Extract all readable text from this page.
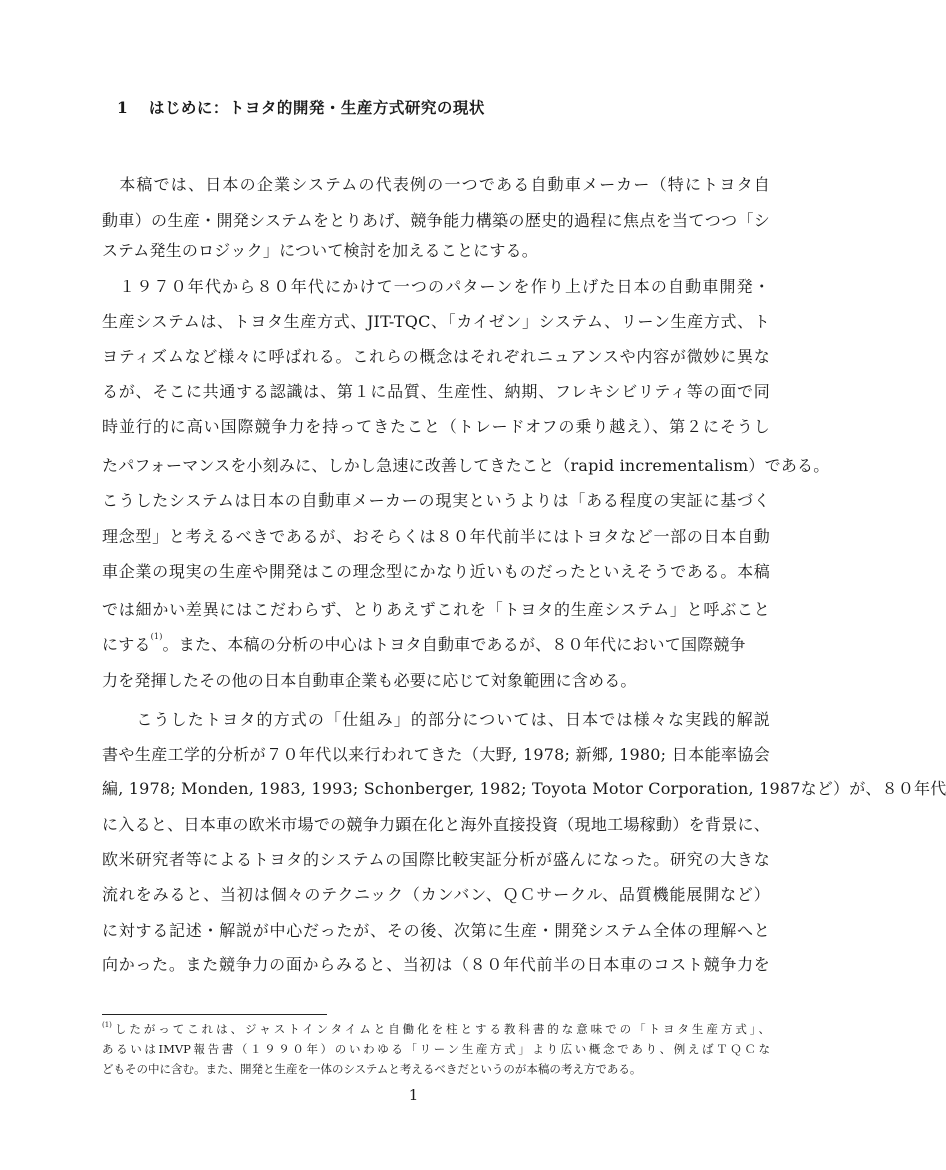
1 はじめに：トヨタ的開発・生産方式研究の現状
　本稿では、日本の企業システムの代表例の一つである自動車メーカー（特にトヨタ自
動車）の生産・開発システムをとりあげ、競争能力構築の歴史的過程に焦点を当てつつ「シ
ステム発生のロジック」について検討を加えることにする。
　１９７０年代から８０年代にかけて一つのパターンを作り上げた日本の自動車開発・
生産システムは、トヨタ生産方式、JIT-TQC、「カイゼン」システム、リーン生産方式、ト
ヨティズムなど様々に呼ばれる。これらの概念はそれぞれニュアンスや内容が微妙に異な
るが、そこに共通する認識は、第１に品質、生産性、納期、フレキシビリティ等の面で同
時並行的に高い国際競争力を持ってきたこと（トレードオフの乗り越え）、第２にそうし
たパフォーマンスを小刻みに、しかし急速に改善してきたこと（rapid incrementalism）である。
こうしたシステムは日本の自動車メーカーの現実というよりは「ある程度の実証に基づく
理念型」と考えるべきであるが、おそらくは８０年代前半にはトヨタなど一部の日本自動
車企業の現実の生産や開発はこの理念型にかなり近いものだったといえそうである。本稿
では細かい差異にはこだわらず、とりあえずこれを「トヨタ的生産システム」と呼ぶこと
にする$^{(1)}$。また、本稿の分析の中心はトヨタ自動車であるが、８０年代において国際競争
力を発揮したその他の日本自動車企業も必要に応じて対象範囲に含める。
　　こうしたトヨタ的方式の「仕組み」的部分については、日本では様々な実践的解説
書や生産工学的分析が７０年代以来行われてきた（大野, 1978; 新郷, 1980; 日本能率協会
編, 1978; Monden, 1983, 1993; Schonberger, 1982; Toyota Motor Corporation, 1987など）が、８０年代
に入ると、日本車の欧米市場での競争力顕在化と海外直接投資（現地工場稼動）を背景に、
欧米研究者等によるトヨタ的システムの国際比較実証分析が盛んになった。研究の大きな
流れをみると、当初は個々のテクニック（カンバン、ＱＣサークル、品質機能展開など）
に対する記述・解説が中心だったが、その後、次第に生産・開発システム全体の理解へと
向かった。また競争力の面からみると、当初は（８０年代前半の日本車のコスト競争力を
$^{(1)}$したがってこれは、ジャストインタイムと自働化を柱とする教科書的な意味での「トヨタ生産方式」、
あるいはIMVP報告書（１９９０年）のいわゆる「リーン生産方式」より広い概念であり、例えばＴＱＣな
どもその中に含む。また、開発と生産を一体のシステムと考えるべきだというのが本稿の考え方である。
1
